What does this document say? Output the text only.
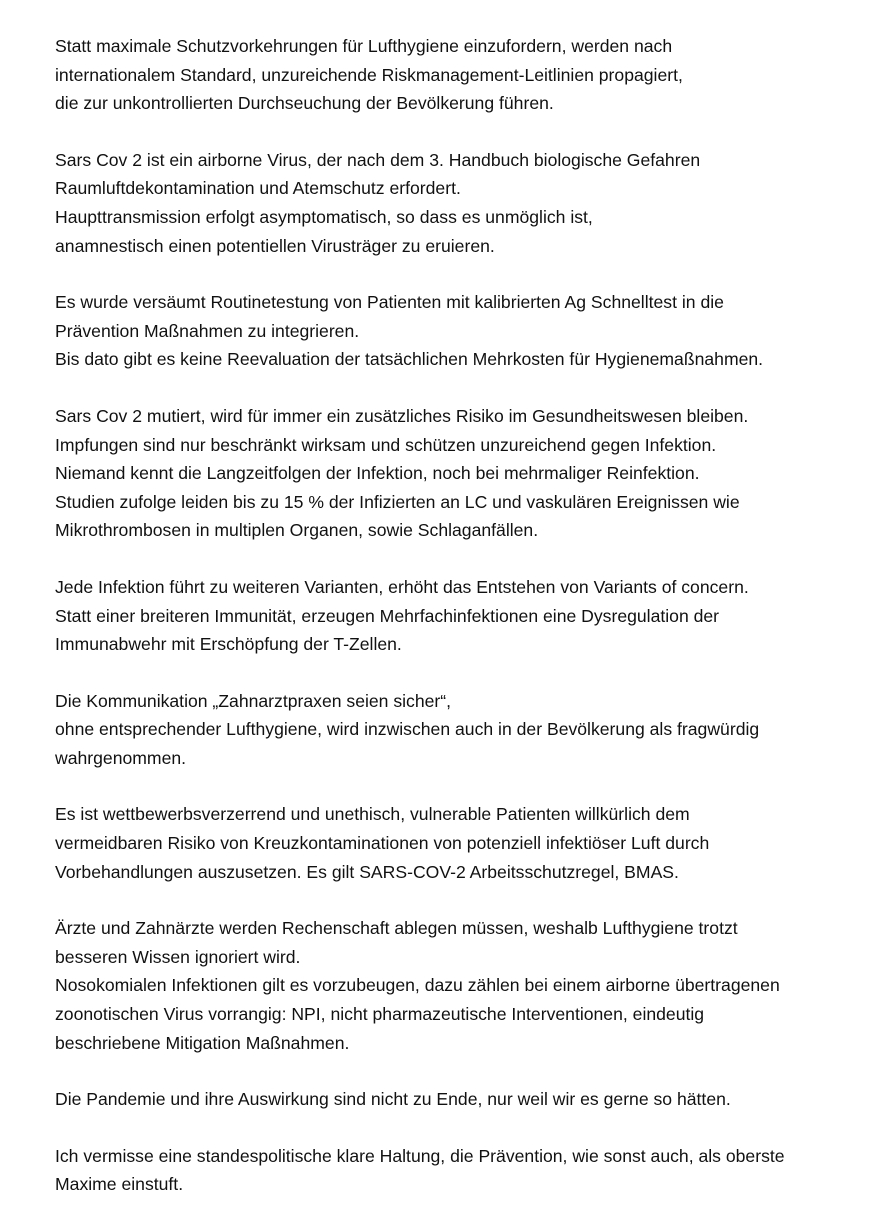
Statt maximale Schutzvorkehrungen für Lufthygiene einzufordern, werden nach
internationalem Standard, unzureichende Riskmanagement-Leitlinien propagiert,
die zur unkontrollierten Durchseuchung der Bevölkerung führen.

Sars Cov 2 ist ein airborne Virus, der nach dem 3. Handbuch biologische Gefahren
Raumluftdekontamination und Atemschutz erfordert.
Haupttransmission erfolgt asymptomatisch, so dass es unmöglich ist,
anamnestisch einen potentiellen Virusträger zu eruieren.

Es wurde versäumt Routinetestung von Patienten mit kalibrierten Ag Schnelltest in die
Prävention Maßnahmen zu integrieren.
Bis dato gibt es keine Reevaluation der tatsächlichen Mehrkosten für Hygienemaßnahmen.

Sars Cov 2 mutiert, wird für immer ein zusätzliches Risiko im Gesundheitswesen bleiben.
Impfungen sind nur beschränkt wirksam und schützen unzureichend gegen Infektion.
Niemand kennt die Langzeitfolgen der Infektion, noch bei mehrmaliger Reinfektion.
Studien zufolge leiden bis zu 15 % der Infizierten an LC und vaskulären Ereignissen wie
Mikrothrombosen in multiplen Organen, sowie Schlaganfällen.

Jede Infektion führt zu weiteren Varianten, erhöht das Entstehen von Variants of concern.
Statt einer breiteren Immunität, erzeugen Mehrfachinfektionen eine Dysregulation der
Immunabwehr mit Erschöpfung der T-Zellen.

Die Kommunikation „Zahnarztpraxen seien sicher“,
ohne entsprechender Lufthygiene, wird inzwischen auch in der Bevölkerung als fragwürdig
wahrgenommen.

Es ist wettbewerbsverzerrend und unethisch, vulnerable Patienten willkürlich dem
vermeidbaren Risiko von Kreuzkontaminationen von potenziell infektiöser Luft durch
Vorbehandlungen auszusetzen. Es gilt SARS-COV-2 Arbeitsschutzregel, BMAS.

Ärzte und Zahnärzte werden Rechenschaft ablegen müssen, weshalb Lufthygiene trotzt
besseren Wissen ignoriert wird.
Nosokomialen Infektionen gilt es vorzubeugen, dazu zählen bei einem airborne übertragenen
zoonotischen Virus vorrangig: NPI, nicht pharmazeutische Interventionen, eindeutig
beschriebene Mitigation Maßnahmen.

Die Pandemie und ihre Auswirkung sind nicht zu Ende, nur weil wir es gerne so hätten.

Ich vermisse eine standespolitische klare Haltung, die Prävention, wie sonst auch, als oberste
Maxime einstuft.
